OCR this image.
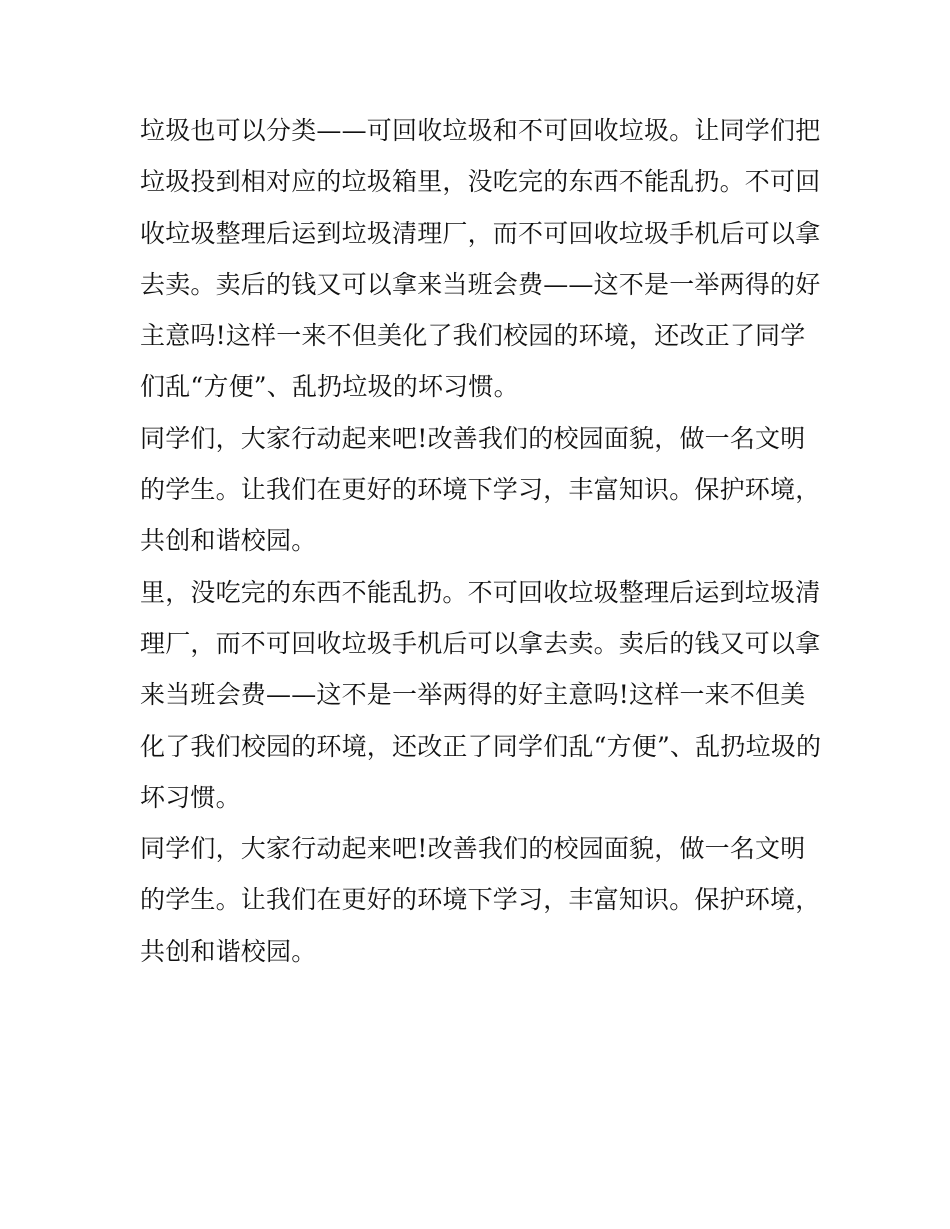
垃圾也可以分类——可回收垃圾和不可回收垃圾。让同学们把
垃圾投到相对应的垃圾箱里，没吃完的东西不能乱扔。不可回
收垃圾整理后运到垃圾清理厂，而不可回收垃圾手机后可以拿
去卖。卖后的钱又可以拿来当班会费——这不是一举两得的好
主意吗!这样一来不但美化了我们校园的环境，还改正了同学
们乱“方便”、乱扔垃圾的坏习惯。
同学们，大家行动起来吧!改善我们的校园面貌，做一名文明
的学生。让我们在更好的环境下学习，丰富知识。保护环境，
共创和谐校园。
里，没吃完的东西不能乱扔。不可回收垃圾整理后运到垃圾清
理厂，而不可回收垃圾手机后可以拿去卖。卖后的钱又可以拿
来当班会费——这不是一举两得的好主意吗!这样一来不但美
化了我们校园的环境，还改正了同学们乱“方便”、乱扔垃圾的
坏习惯。
同学们，大家行动起来吧!改善我们的校园面貌，做一名文明
的学生。让我们在更好的环境下学习，丰富知识。保护环境，
共创和谐校园。
